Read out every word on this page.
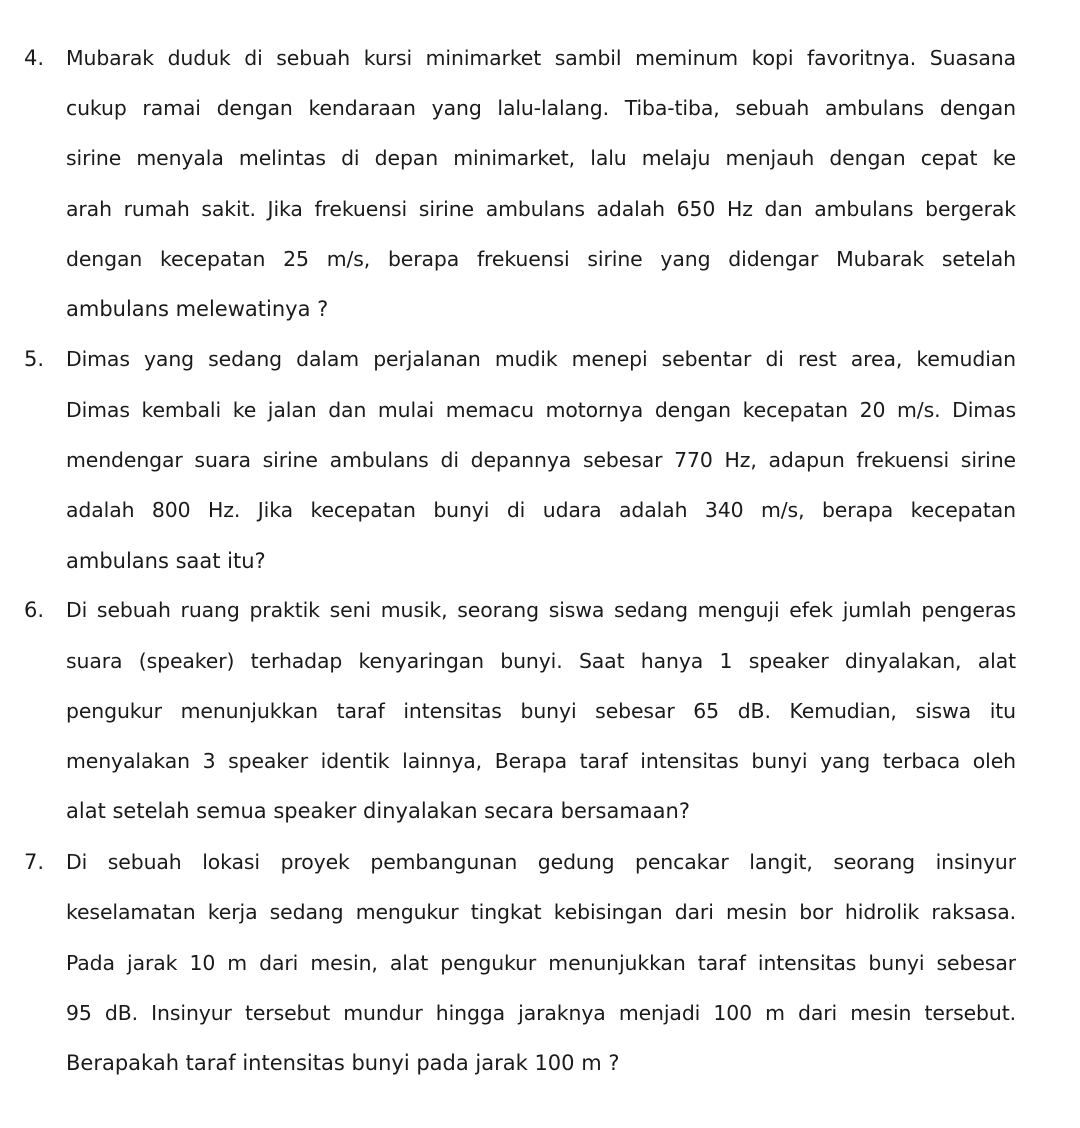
4. Mubarak duduk di sebuah kursi minimarket sambil meminum kopi favoritnya. Suasana
cukup ramai dengan kendaraan yang lalu-lalang. Tiba-tiba, sebuah ambulans dengan
sirine menyala melintas di depan minimarket, lalu melaju menjauh dengan cepat ke
arah rumah sakit. Jika frekuensi sirine ambulans adalah 650 Hz dan ambulans bergerak
dengan kecepatan 25 m/s, berapa frekuensi sirine yang didengar Mubarak setelah
ambulans melewatinya ?
5. Dimas yang sedang dalam perjalanan mudik menepi sebentar di rest area, kemudian
Dimas kembali ke jalan dan mulai memacu motornya dengan kecepatan 20 m/s. Dimas
mendengar suara sirine ambulans di depannya sebesar 770 Hz, adapun frekuensi sirine
adalah 800 Hz. Jika kecepatan bunyi di udara adalah 340 m/s, berapa kecepatan
ambulans saat itu?
6. Di sebuah ruang praktik seni musik, seorang siswa sedang menguji efek jumlah pengeras
suara (speaker) terhadap kenyaringan bunyi. Saat hanya 1 speaker dinyalakan, alat
pengukur menunjukkan taraf intensitas bunyi sebesar 65 dB. Kemudian, siswa itu
menyalakan 3 speaker identik lainnya, Berapa taraf intensitas bunyi yang terbaca oleh
alat setelah semua speaker dinyalakan secara bersamaan?
7. Di sebuah lokasi proyek pembangunan gedung pencakar langit, seorang insinyur
keselamatan kerja sedang mengukur tingkat kebisingan dari mesin bor hidrolik raksasa.
Pada jarak 10 m dari mesin, alat pengukur menunjukkan taraf intensitas bunyi sebesar
95 dB. Insinyur tersebut mundur hingga jaraknya menjadi 100 m dari mesin tersebut.
Berapakah taraf intensitas bunyi pada jarak 100 m ?
